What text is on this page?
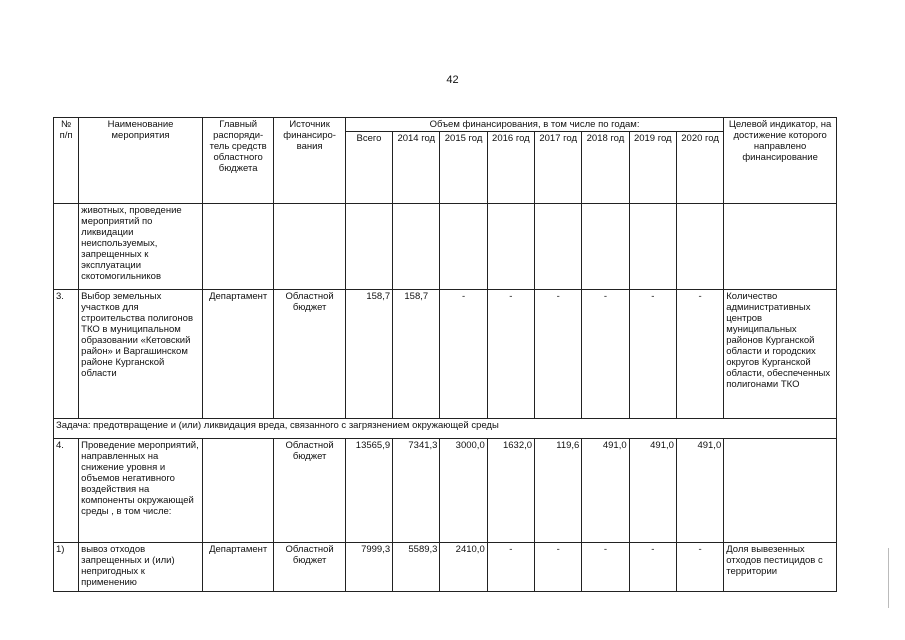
42
№ п/п	Наименование мероприятия	Главный распоряди-тель средств областного бюджета	Источник финансиро-вания	Объем финансирования, в том числе по годам:								Целевой индикатор, на достижение которого направлено финансирование
				Всего	2014 год	2015 год	2016 год	2017 год	2018 год	2019 год	2020 год	
	животных, проведение мероприятий по ликвидации неиспользуемых, запрещенных к эксплуатации скотомогильников											
3.	Выбор земельных участков для строительства полигонов ТКО в муниципальном образовании «Кетовский район» и Варгашинском районе Курганской области	Департамент	Областной бюджет	158,7	158,7	-	-	-	-	-	-	Количество административных центров муниципальных районов Курганской области и городских округов Курганской области, обеспеченных полигонами ТКО
Задача: предотвращение и (или) ликвидация вреда, связанного с загрязнением окружающей среды												
4.	Проведение мероприятий, направленных на снижение уровня и объемов негативного воздействия на компоненты окружающей среды , в том числе:		Областной бюджет	13565,9	7341,3	3000,0	1632,0	119,6	491,0	491,0	491,0	
1)	вывоз отходов запрещенных и (или) непригодных к применению	Департамент	Областной бюджет	7999,3	5589,3	2410,0	-	-	-	-	-	Доля вывезенных отходов пестицидов с территории
